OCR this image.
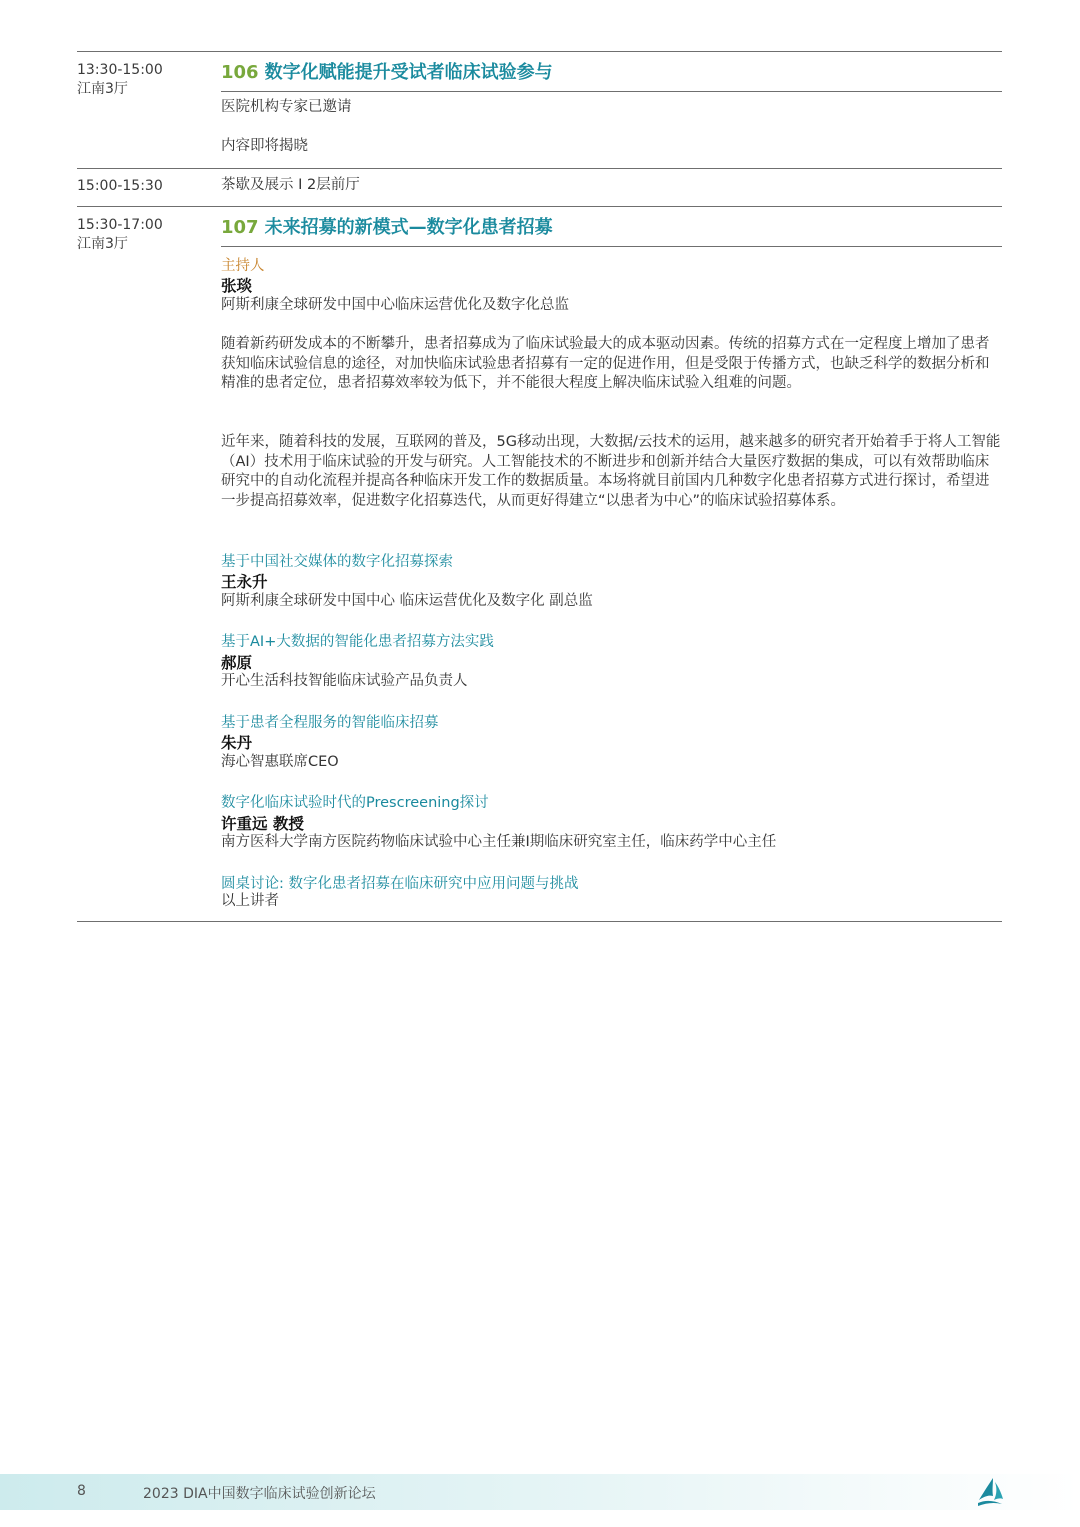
13:30-15:00
江南3厅
106 数字化赋能提升受试者临床试验参与
医院机构专家已邀请
内容即将揭晓
15:00-15:30	茶歇及展示 Ι 2层前厅
15:30-17:00
江南3厅
107 未来招募的新模式—数字化患者招募
主持人
张琰
阿斯利康全球研发中国中心临床运营优化及数字化总监
随着新药研发成本的不断攀升，患者招募成为了临床试验最大的成本驱动因素。传统的招募方式在一定程度上增加了患者获知临床试验信息的途径，对加快临床试验患者招募有一定的促进作用，但是受限于传播方式，也缺乏科学的数据分析和精准的患者定位，患者招募效率较为低下，并不能很大程度上解决临床试验入组难的问题。
近年来，随着科技的发展，互联网的普及，5G移动出现，大数据/云技术的运用，越来越多的研究者开始着手于将人工智能（AI）技术用于临床试验的开发与研究。人工智能技术的不断进步和创新并结合大量医疗数据的集成，可以有效帮助临床研究中的自动化流程并提高各种临床开发工作的数据质量。本场将就目前国内几种数字化患者招募方式进行探讨，希望进一步提高招募效率，促进数字化招募迭代，从而更好得建立“以患者为中心”的临床试验招募体系。
基于中国社交媒体的数字化招募探索
王永升
阿斯利康全球研发中国中心 临床运营优化及数字化 副总监
基于AI+大数据的智能化患者招募方法实践
郝原
开心生活科技智能临床试验产品负责人
基于患者全程服务的智能临床招募
朱丹
海心智惠联席CEO
数字化临床试验时代的Prescreening探讨
许重远 教授
南方医科大学南方医院药物临床试验中心主任兼Ι期临床研究室主任，临床药学中心主任
圆桌讨论: 数字化患者招募在临床研究中应用问题与挑战
以上讲者
8	2023 DIA中国数字临床试验创新论坛
